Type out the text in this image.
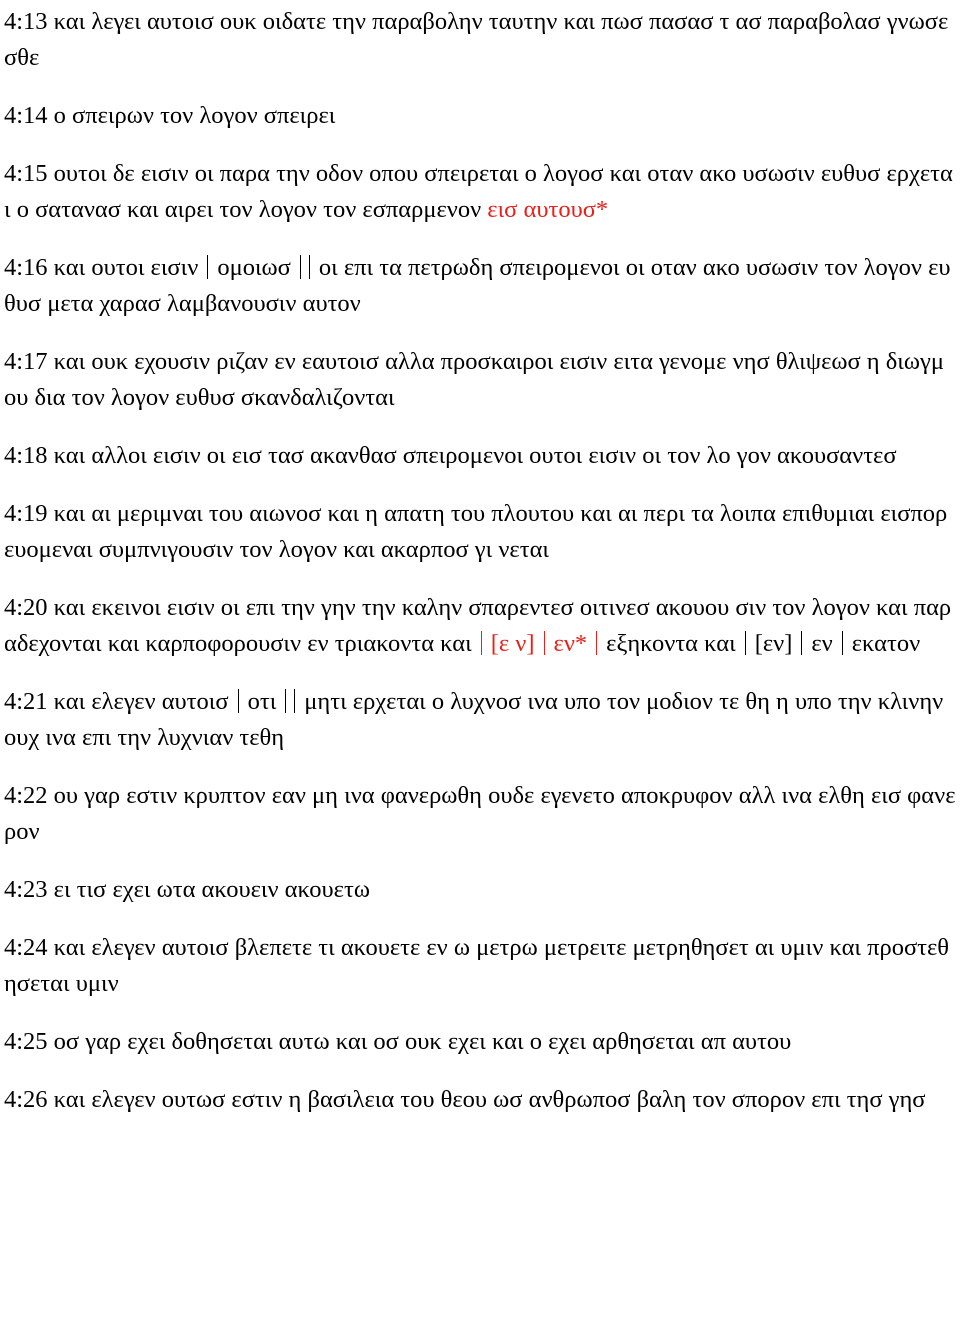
4:13 και λεγει αυτοισ ουκ οιδατε την παραβολην ταυτην και πωσ πασασ τ ασ παραβολασ γνωσεσθε

4:14 ο σπειρων τον λογον σπειρει

4:15 ουτοι δε εισιν οι παρα την οδον οπου σπειρεται ο λογοσ και οταν ακο υσωσιν ευθυσ ερχεται ο σατανασ και αιρει τον λογον τον εσπαρμενον εισ αυτουσ*

4:16 και ουτοι εισιν ομοιωσ οι επι τα πετρωδη σπειρομενοι οι οταν ακο υσωσιν τον λογον ευθυσ μετα χαρασ λαμβανουσιν αυτον

4:17 και ουκ εχουσιν ριζαν εν εαυτοισ αλλα προσκαιροι εισιν ειτα γενομε νησ θλιψεωσ η διωγμου δια τον λογον ευθυσ σκανδαλιζονται

4:18 και αλλοι εισιν οι εισ τασ ακανθασ σπειρομενοι ουτοι εισιν οι τον λο γον ακουσαντεσ

4:19 και αι μεριμναι του αιωνοσ και η απατη του πλουτου και αι περι τα λοιπα επιθυμιαι εισπορευομεναι συμπνιγουσιν τον λογον και ακαρποσ γι νεται

4:20 και εκεινοι εισιν οι επι την γην την καλην σπαρεντεσ οιτινεσ ακουου σιν τον λογον και παραδεχονται και καρποφορουσιν εν τριακοντα και [ε ν] εν* εξηκοντα και [εν] εν εκατον

4:21 και ελεγεν αυτοισ οτι μητι ερχεται ο λυχνοσ ινα υπο τον μοδιον τε θη η υπο την κλινην ουχ ινα επι την λυχνιαν τεθη

4:22 ου γαρ εστιν κρυπτον εαν μη ινα φανερωθη ουδε εγενετο αποκρυφον αλλ ινα ελθη εισ φανερον

4:23 ει τισ εχει ωτα ακουειν ακουετω

4:24 και ελεγεν αυτοισ βλεπετε τι ακουετε εν ω μετρω μετρειτε μετρηθησετ αι υμιν και προστεθησεται υμιν

4:25 οσ γαρ εχει δοθησεται αυτω και οσ ουκ εχει και ο εχει αρθησεται απ αυτου

4:26 και ελεγεν ουτωσ εστιν η βασιλεια του θεου ωσ ανθρωποσ βαλη τον σπορον επι τησ γησ
